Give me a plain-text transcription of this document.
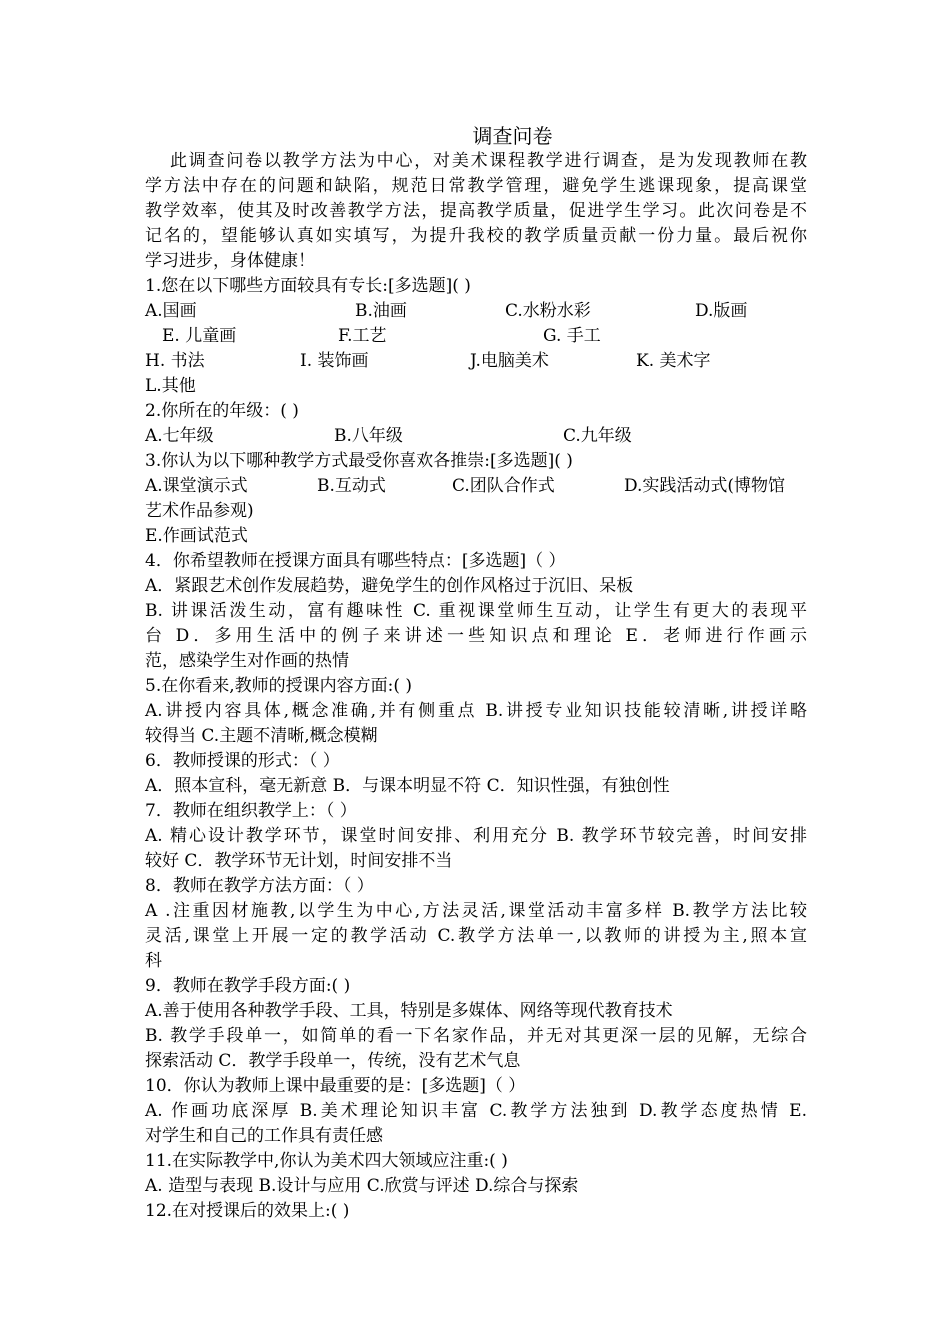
调查问卷
此调查问卷以教学方法为中心，对美术课程教学进行调查，是为发现教师在教
学方法中存在的问题和缺陷，规范日常教学管理，避免学生逃课现象，提高课堂
教学效率，使其及时改善教学方法，提高教学质量，促进学生学习。此次问卷是不
记名的，望能够认真如实填写，为提升我校的教学质量贡献一份力量。最后祝你
学习进步，身体健康！
1.您在以下哪些方面较具有专长:[多选题]( )
A.国画	B.油画	C.水粉水彩	D.版画
E. 儿童画	F.工艺	G. 手工
H. 书法	I. 装饰画	J.电脑美术	K. 美术字
L.其他
2.你所在的年级：( )
A.七年级	B.八年级	C.九年级
3.你认为以下哪种教学方式最受你喜欢各推崇:[多选题]( )
A.课堂演示式	B.互动式	C.团队合作式	D.实践活动式(博物馆
艺术作品参观)
E.作画试范式
4．你希望教师在授课方面具有哪些特点：[多选题]（ ）
A．紧跟艺术创作发展趋势，避免学生的创作风格过于沉旧、呆板
B. 讲课活泼生动，富有趣味性 C. 重视课堂师生互动，让学生有更大的表现平
台 D．多用生活中的例子来讲述一些知识点和理论 E．老师进行作画示
范，感染学生对作画的热情
5.在你看来,教师的授课内容方面:( )
A.讲授内容具体,概念准确,并有侧重点 B.讲授专业知识技能较清晰,讲授详略
较得当 C.主题不清晰,概念模糊
6．教师授课的形式：（ ）
A．照本宣科，毫无新意 B．与课本明显不符 C．知识性强，有独创性
7．教师在组织教学上：（ ）
A. 精心设计教学环节，课堂时间安排、利用充分 B. 教学环节较完善，时间安排
较好 C．教学环节无计划，时间安排不当
8．教师在教学方法方面：（ ）
A .注重因材施教,以学生为中心,方法灵活,课堂活动丰富多样 B.教学方法比较
灵活,课堂上开展一定的教学活动 C.教学方法单一,以教师的讲授为主,照本宣
科
9．教师在教学手段方面:( )
A.善于使用各种教学手段、工具，特别是多媒体、网络等现代教育技术
B. 教学手段单一，如简单的看一下名家作品，并无对其更深一层的见解，无综合
探索活动 C．教学手段单一，传统，没有艺术气息
10．你认为教师上课中最重要的是：[多选题]（ ）
A. 作画功底深厚 B.美术理论知识丰富 C.教学方法独到 D.教学态度热情 E.
对学生和自己的工作具有责任感
11.在实际教学中,你认为美术四大领域应注重:( )
A. 造型与表现 B.设计与应用 C.欣赏与评述 D.综合与探索
12.在对授课后的效果上:( )
